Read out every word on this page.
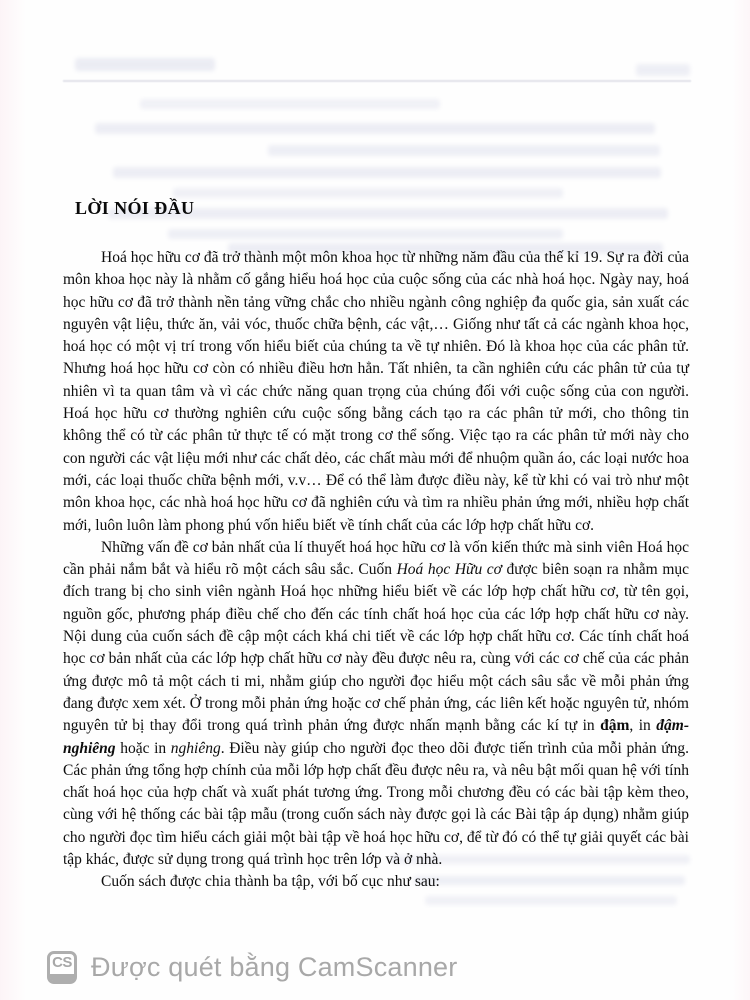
LỜI NÓI ĐẦU

Hoá học hữu cơ đã trở thành một môn khoa học từ những năm đầu của thế kỉ 19. Sự ra đời của môn khoa học này là nhằm cố gắng hiểu hoá học của cuộc sống của các nhà hoá học. Ngày nay, hoá học hữu cơ đã trở thành nền tảng vững chắc cho nhiều ngành công nghiệp đa quốc gia, sản xuất các nguyên vật liệu, thức ăn, vải vóc, thuốc chữa bệnh, các vật,… Giống như tất cả các ngành khoa học, hoá học có một vị trí trong vốn hiểu biết của chúng ta về tự nhiên. Đó là khoa học của các phân tử. Nhưng hoá học hữu cơ còn có nhiều điều hơn hẳn. Tất nhiên, ta cần nghiên cứu các phân tử của tự nhiên vì ta quan tâm và vì các chức năng quan trọng của chúng đối với cuộc sống của con người. Hoá học hữu cơ thường nghiên cứu cuộc sống bằng cách tạo ra các phân tử mới, cho thông tin không thể có từ các phân tử thực tế có mặt trong cơ thể sống. Việc tạo ra các phân tử mới này cho con người các vật liệu mới như các chất dẻo, các chất màu mới để nhuộm quần áo, các loại nước hoa mới, các loại thuốc chữa bệnh mới, v.v… Để có thể làm được điều này, kể từ khi có vai trò như một môn khoa học, các nhà hoá học hữu cơ đã nghiên cứu và tìm ra nhiều phản ứng mới, nhiều hợp chất mới, luôn luôn làm phong phú vốn hiểu biết về tính chất của các lớp hợp chất hữu cơ.

Những vấn đề cơ bản nhất của lí thuyết hoá học hữu cơ là vốn kiến thức mà sinh viên Hoá học cần phải nắm bắt và hiểu rõ một cách sâu sắc. Cuốn Hoá học Hữu cơ được biên soạn ra nhằm mục đích trang bị cho sinh viên ngành Hoá học những hiểu biết về các lớp hợp chất hữu cơ, từ tên gọi, nguồn gốc, phương pháp điều chế cho đến các tính chất hoá học của các lớp hợp chất hữu cơ này. Nội dung của cuốn sách đề cập một cách khá chi tiết về các lớp hợp chất hữu cơ. Các tính chất hoá học cơ bản nhất của các lớp hợp chất hữu cơ này đều được nêu ra, cùng với các cơ chế của các phản ứng được mô tả một cách ti mi, nhằm giúp cho người đọc hiểu một cách sâu sắc về mỗi phản ứng đang được xem xét. Ở trong mỗi phản ứng hoặc cơ chế phản ứng, các liên kết hoặc nguyên tử, nhóm nguyên tử bị thay đổi trong quá trình phản ứng được nhấn mạnh bằng các kí tự in đậm, in đậm-nghiêng hoặc in nghiêng. Điều này giúp cho người đọc theo dõi được tiến trình của mỗi phản ứng. Các phản ứng tổng hợp chính của mỗi lớp hợp chất đều được nêu ra, và nêu bật mối quan hệ với tính chất hoá học của hợp chất và xuất phát tương ứng. Trong mỗi chương đều có các bài tập kèm theo, cùng với hệ thống các bài tập mẫu (trong cuốn sách này được gọi là các Bài tập áp dụng) nhằm giúp cho người đọc tìm hiểu cách giải một bài tập về hoá học hữu cơ, để từ đó có thể tự giải quyết các bài tập khác, được sử dụng trong quá trình học trên lớp và ở nhà.

Cuốn sách được chia thành ba tập, với bố cục như sau:

CS Được quét bằng CamScanner
